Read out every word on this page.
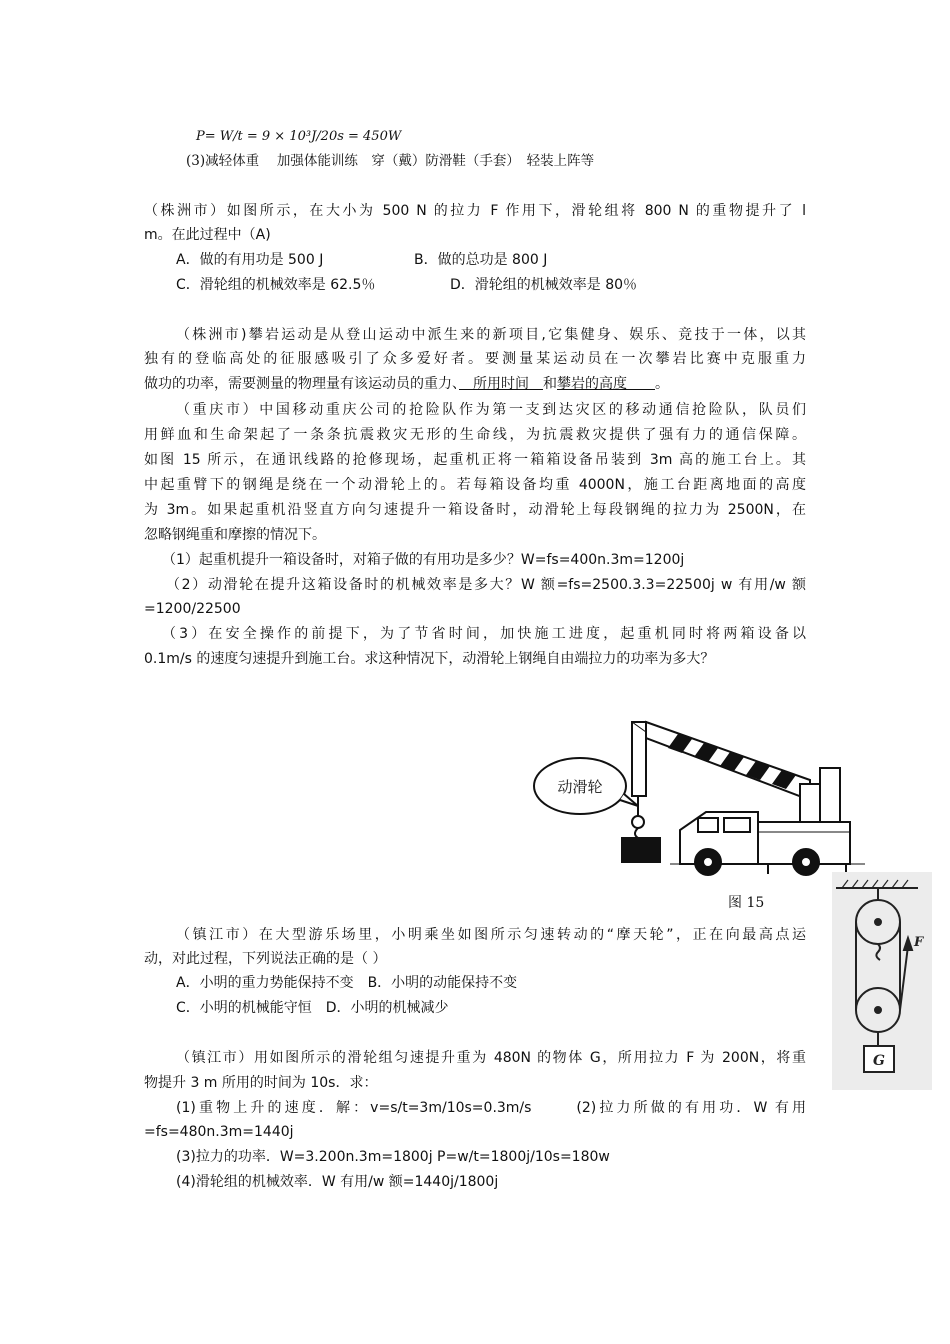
P= W/t = 9 × 10³J/20s = 450W
(3)减轻体重　 加强体能训练　穿（戴）防滑鞋（手套）　轻装上阵等
（株洲市）如图所示，在大小为 500 N 的拉力 F 作用下，滑轮组将 800 N 的重物提升了 l
m。在此过程中（A)
A．做的有用功是 500 J	B．做的总功是 800 J
C．滑轮组的机械效率是 62.5％	D．滑轮组的机械效率是 80％
（株洲市)攀岩运动是从登山运动中派生来的新项目,它集健身、娱乐、竞技于一体，以其
独有的登临高处的征服感吸引了众多爱好者。要测量某运动员在一次攀岩比赛中克服重力
做功的功率，需要测量的物理量有该运动员的重力、　所用时间　和攀岩的高度　　。
（重庆市）中国移动重庆公司的抢险队作为第一支到达灾区的移动通信抢险队，队员们
用鲜血和生命架起了一条条抗震救灾无形的生命线，为抗震救灾提供了强有力的通信保障。
如图 15 所示，在通讯线路的抢修现场，起重机正将一箱箱设备吊装到 3m 高的施工台上。其
中起重臂下的钢绳是绕在一个动滑轮上的。若每箱设备均重 4000N，施工台距离地面的高度
为 3m。如果起重机沿竖直方向匀速提升一箱设备时，动滑轮上每段钢绳的拉力为 2500N，在
忽略钢绳重和摩擦的情况下。
（1）起重机提升一箱设备时，对箱子做的有用功是多少？W=fs=400n.3m=1200j
（2）动滑轮在提升这箱设备时的机械效率是多大？W 额=fs=2500.3.3=22500j w 有用/w 额
=1200/22500
（3）在安全操作的前提下，为了节省时间，加快施工进度，起重机同时将两箱设备以
0.1m/s 的速度匀速提升到施工台。求这种情况下，动滑轮上钢绳自由端拉力的功率为多大？
动滑轮
图 15
F
G
（镇江市）在大型游乐场里，小明乘坐如图所示匀速转动的“摩天轮”，正在向最高点运
动，对此过程，下列说法正确的是（ ）
A．小明的重力势能保持不变　B．小明的动能保持不变
C．小明的机械能守恒　D．小明的机械减少
（镇江市）用如图所示的滑轮组匀速提升重为 480N 的物体 G，所用拉力 F 为 200N，将重
物提升 3 m 所用的时间为 10s．求：
(1)重物上升的速度．解：v=s/t=3m/10s=0.3m/s　　 (2)拉力所做的有用功．W 有用
=fs=480n.3m=1440j
(3)拉力的功率．W=3.200n.3m=1800j P=w/t=1800j/10s=180w
(4)滑轮组的机械效率．W 有用/w 额=1440j/1800j
